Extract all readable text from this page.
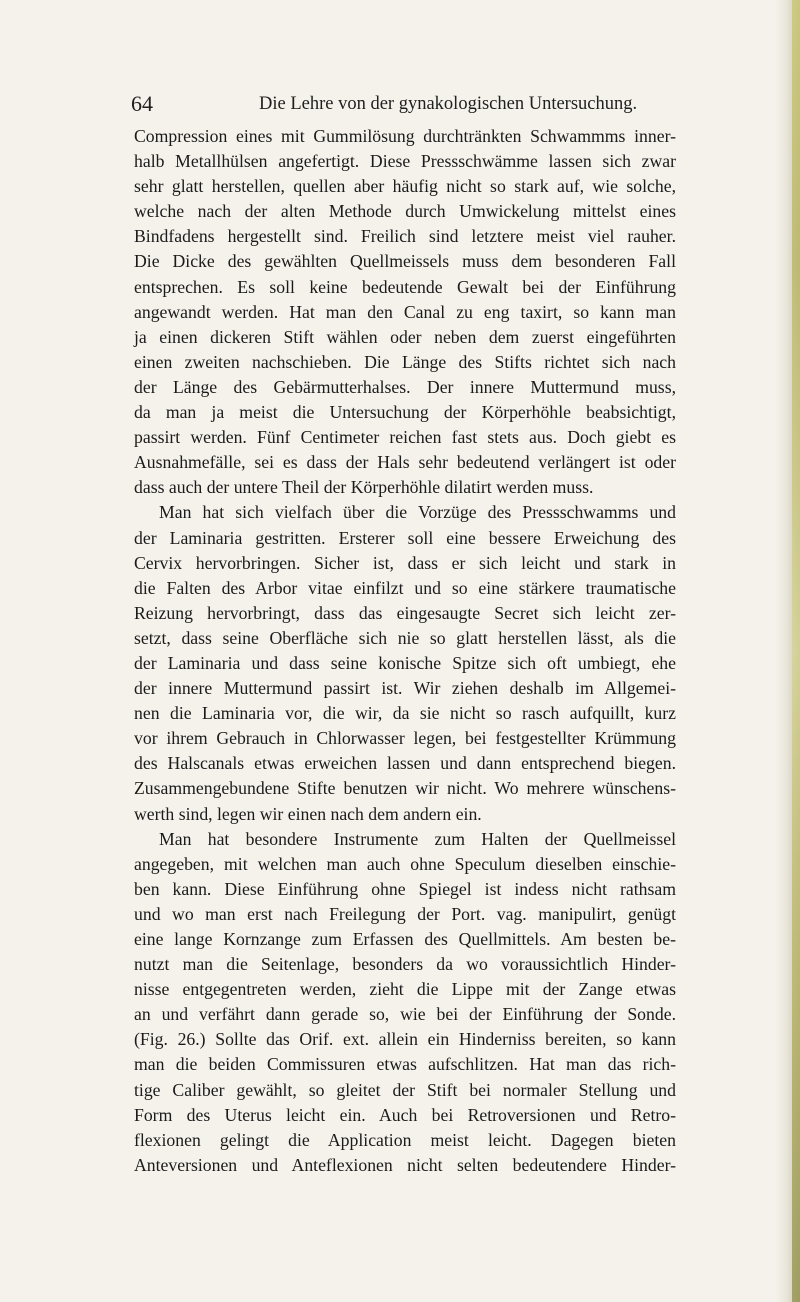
64	Die Lehre von der gynakologischen Untersuchung.
Compression eines mit Gummilösung durchtränkten Schwammms inner-
halb Metallhülsen angefertigt. Diese Pressschwämme lassen sich zwar
sehr glatt herstellen, quellen aber häufig nicht so stark auf, wie solche,
welche nach der alten Methode durch Umwickelung mittelst eines
Bindfadens hergestellt sind. Freilich sind letztere meist viel rauher.
Die Dicke des gewählten Quellmeissels muss dem besonderen Fall
entsprechen. Es soll keine bedeutende Gewalt bei der Einführung
angewandt werden. Hat man den Canal zu eng taxirt, so kann man
ja einen dickeren Stift wählen oder neben dem zuerst eingeführten
einen zweiten nachschieben. Die Länge des Stifts richtet sich nach
der Länge des Gebärmutterhalses. Der innere Muttermund muss,
da man ja meist die Untersuchung der Körperhöhle beabsichtigt,
passirt werden. Fünf Centimeter reichen fast stets aus. Doch giebt es
Ausnahmefälle, sei es dass der Hals sehr bedeutend verlängert ist oder
dass auch der untere Theil der Körperhöhle dilatirt werden muss.
Man hat sich vielfach über die Vorzüge des Pressschwamms und
der Laminaria gestritten. Ersterer soll eine bessere Erweichung des
Cervix hervorbringen. Sicher ist, dass er sich leicht und stark in
die Falten des Arbor vitae einfilzt und so eine stärkere traumatische
Reizung hervorbringt, dass das eingesaugte Secret sich leicht zer-
setzt, dass seine Oberfläche sich nie so glatt herstellen lässt, als die
der Laminaria und dass seine konische Spitze sich oft umbiegt, ehe
der innere Muttermund passirt ist. Wir ziehen deshalb im Allgemei-
nen die Laminaria vor, die wir, da sie nicht so rasch aufquillt, kurz
vor ihrem Gebrauch in Chlorwasser legen, bei festgestellter Krümmung
des Halscanals etwas erweichen lassen und dann entsprechend biegen.
Zusammengebundene Stifte benutzen wir nicht. Wo mehrere wünschens-
werth sind, legen wir einen nach dem andern ein.
Man hat besondere Instrumente zum Halten der Quellmeissel
angegeben, mit welchen man auch ohne Speculum dieselben einschie-
ben kann. Diese Einführung ohne Spiegel ist indess nicht rathsam
und wo man erst nach Freilegung der Port. vag. manipulirt, genügt
eine lange Kornzange zum Erfassen des Quellmittels. Am besten be-
nutzt man die Seitenlage, besonders da wo voraussichtlich Hinder-
nisse entgegentreten werden, zieht die Lippe mit der Zange etwas
an und verfährt dann gerade so, wie bei der Einführung der Sonde.
(Fig. 26.) Sollte das Orif. ext. allein ein Hinderniss bereiten, so kann
man die beiden Commissuren etwas aufschlitzen. Hat man das rich-
tige Caliber gewählt, so gleitet der Stift bei normaler Stellung und
Form des Uterus leicht ein. Auch bei Retroversionen und Retro-
flexionen gelingt die Application meist leicht. Dagegen bieten
Anteversionen und Anteflexionen nicht selten bedeutendere Hinder-
